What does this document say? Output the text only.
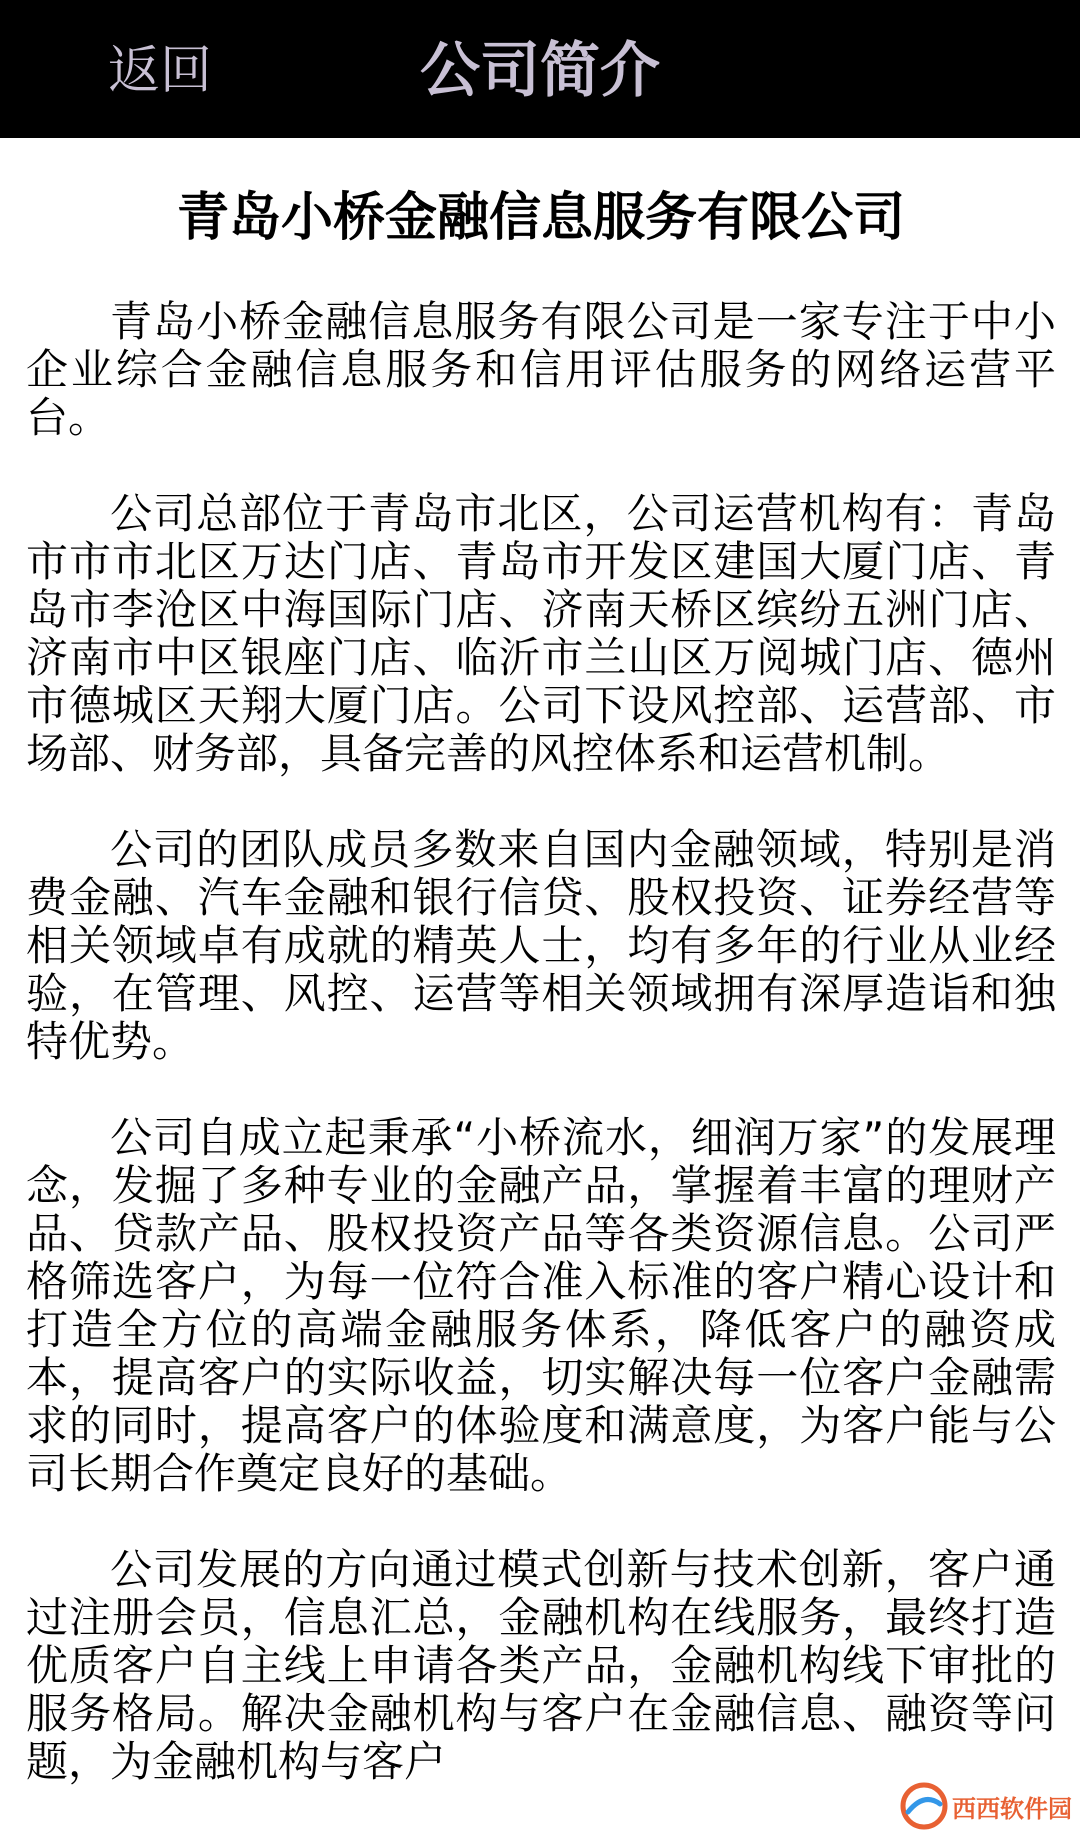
返回	公司简介
青岛小桥金融信息服务有限公司

青岛小桥金融信息服务有限公司是一家专注于中小企业综合金融信息服务和信用评估服务的网络运营平台。

公司总部位于青岛市北区，公司运营机构有：青岛市市市北区万达门店、青岛市开发区建国大厦门店、青岛市李沧区中海国际门店、济南天桥区缤纷五洲门店、济南市中区银座门店、临沂市兰山区万阅城门店、德州市德城区天翔大厦门店。公司下设风控部、运营部、市场部、财务部，具备完善的风控体系和运营机制。

公司的团队成员多数来自国内金融领域，特别是消费金融、汽车金融和银行信贷、股权投资、证券经营等相关领域卓有成就的精英人士，均有多年的行业从业经验，在管理、风控、运营等相关领域拥有深厚造诣和独特优势。

公司自成立起秉承“小桥流水，细润万家”的发展理念，发掘了多种专业的金融产品，掌握着丰富的理财产品、贷款产品、股权投资产品等各类资源信息。公司严格筛选客户，为每一位符合准入标准的客户精心设计和打造全方位的高端金融服务体系，降低客户的融资成本，提高客户的实际收益，切实解决每一位客户金融需求的同时，提高客户的体验度和满意度，为客户能与公司长期合作奠定良好的基础。

公司发展的方向通过模式创新与技术创新，客户通过注册会员，信息汇总，金融机构在线服务，最终打造优质客户自主线上申请各类产品，金融机构线下审批的服务格局。解决金融机构与客户在金融信息、融资等问题，为金融机构与客户

西西软件园
